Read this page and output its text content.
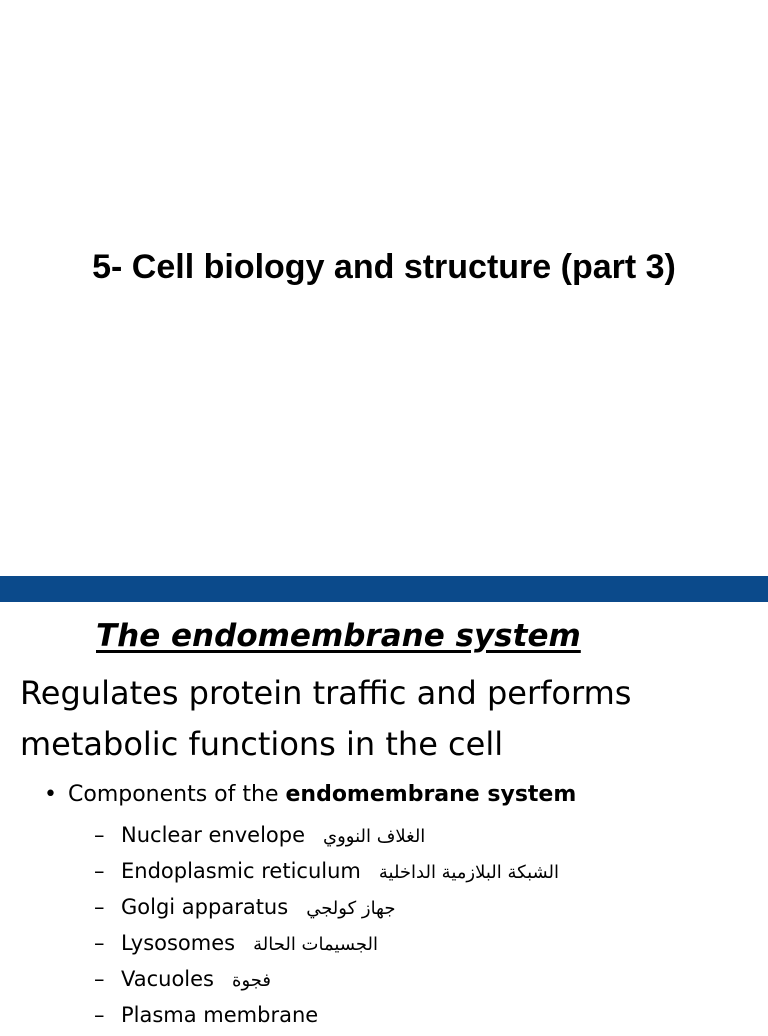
5- Cell biology and structure (part 3)
The endomembrane system
Regulates protein traffic and performs
metabolic functions in the cell
• Components of the endomembrane system
– Nuclear envelope الغلاف النووي
– Endoplasmic reticulum الشبكة البلازمية الداخلية
– Golgi apparatus جهاز كولجي
– Lysosomes الجسيمات الحالة
– Vacuoles فجوة
– Plasma membrane
